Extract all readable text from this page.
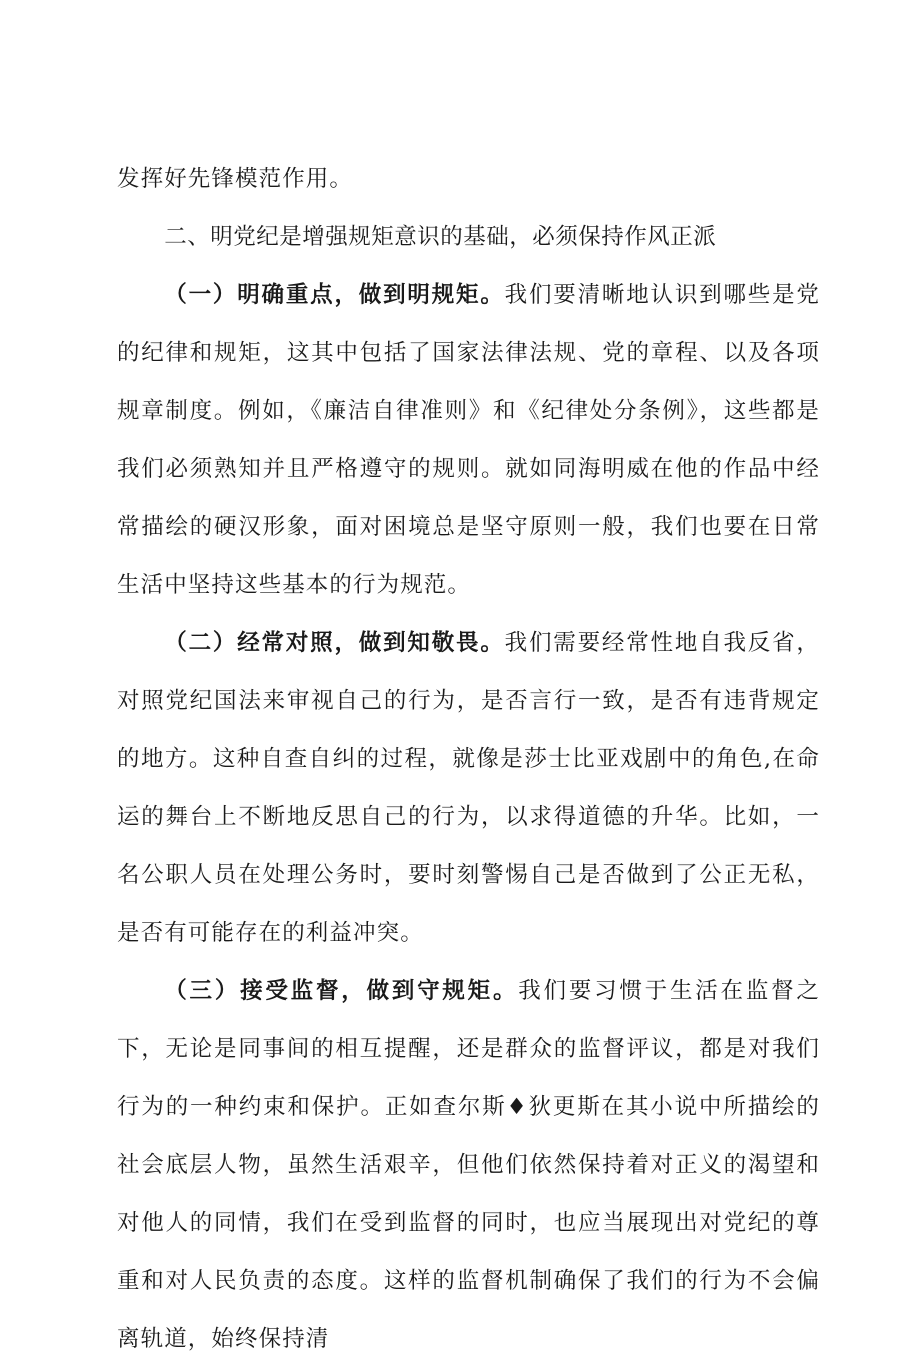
发挥好先锋模范作用。

二、明党纪是增强规矩意识的基础，必须保持作风正派

（一）明确重点，做到明规矩。我们要清晰地认识到哪些是党的纪律和规矩，这其中包括了国家法律法规、党的章程、以及各项规章制度。例如，《廉洁自律准则》和《纪律处分条例》，这些都是我们必须熟知并且严格遵守的规则。就如同海明威在他的作品中经常描绘的硬汉形象，面对困境总是坚守原则一般，我们也要在日常生活中坚持这些基本的行为规范。

（二）经常对照，做到知敬畏。我们需要经常性地自我反省，对照党纪国法来审视自己的行为，是否言行一致，是否有违背规定的地方。这种自查自纠的过程，就像是莎士比亚戏剧中的角色,在命运的舞台上不断地反思自己的行为，以求得道德的升华。比如，一名公职人员在处理公务时，要时刻警惕自己是否做到了公正无私，是否有可能存在的利益冲突。

（三）接受监督，做到守规矩。我们要习惯于生活在监督之下，无论是同事间的相互提醒，还是群众的监督评议，都是对我们行为的一种约束和保护。正如查尔斯♦狄更斯在其小说中所描绘的社会底层人物，虽然生活艰辛，但他们依然保持着对正义的渴望和对他人的同情，我们在受到监督的同时，也应当展现出对党纪的尊重和对人民负责的态度。这样的监督机制确保了我们的行为不会偏离轨道，始终保持清
